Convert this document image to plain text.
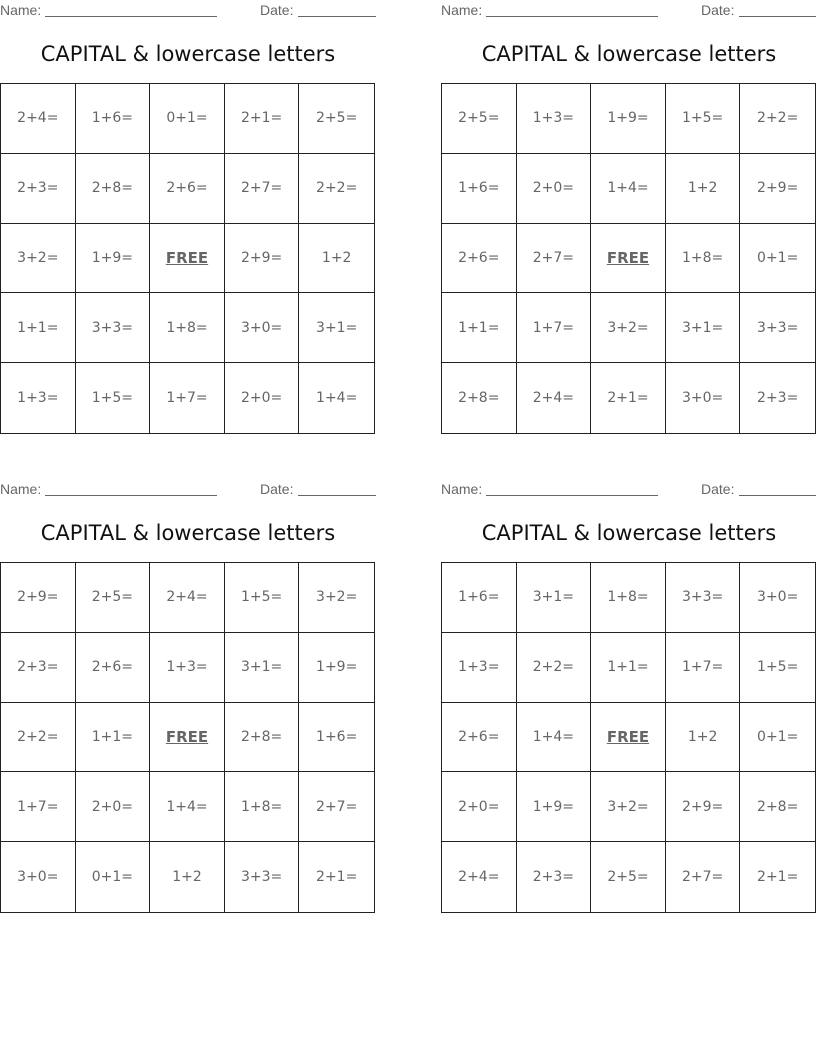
Name:	Date:
CAPITAL & lowercase letters
2+4=	1+6=	0+1=	2+1=	2+5=
2+3=	2+8=	2+6=	2+7=	2+2=
3+2=	1+9=	FREE	2+9=	1+2
1+1=	3+3=	1+8=	3+0=	3+1=
1+3=	1+5=	1+7=	2+0=	1+4=
Name:	Date:
CAPITAL & lowercase letters
2+5=	1+3=	1+9=	1+5=	2+2=
1+6=	2+0=	1+4=	1+2	2+9=
2+6=	2+7=	FREE	1+8=	0+1=
1+1=	1+7=	3+2=	3+1=	3+3=
2+8=	2+4=	2+1=	3+0=	2+3=
Name:	Date:
CAPITAL & lowercase letters
2+9=	2+5=	2+4=	1+5=	3+2=
2+3=	2+6=	1+3=	3+1=	1+9=
2+2=	1+1=	FREE	2+8=	1+6=
1+7=	2+0=	1+4=	1+8=	2+7=
3+0=	0+1=	1+2	3+3=	2+1=
Name:	Date:
CAPITAL & lowercase letters
1+6=	3+1=	1+8=	3+3=	3+0=
1+3=	2+2=	1+1=	1+7=	1+5=
2+6=	1+4=	FREE	1+2	0+1=
2+0=	1+9=	3+2=	2+9=	2+8=
2+4=	2+3=	2+5=	2+7=	2+1=
